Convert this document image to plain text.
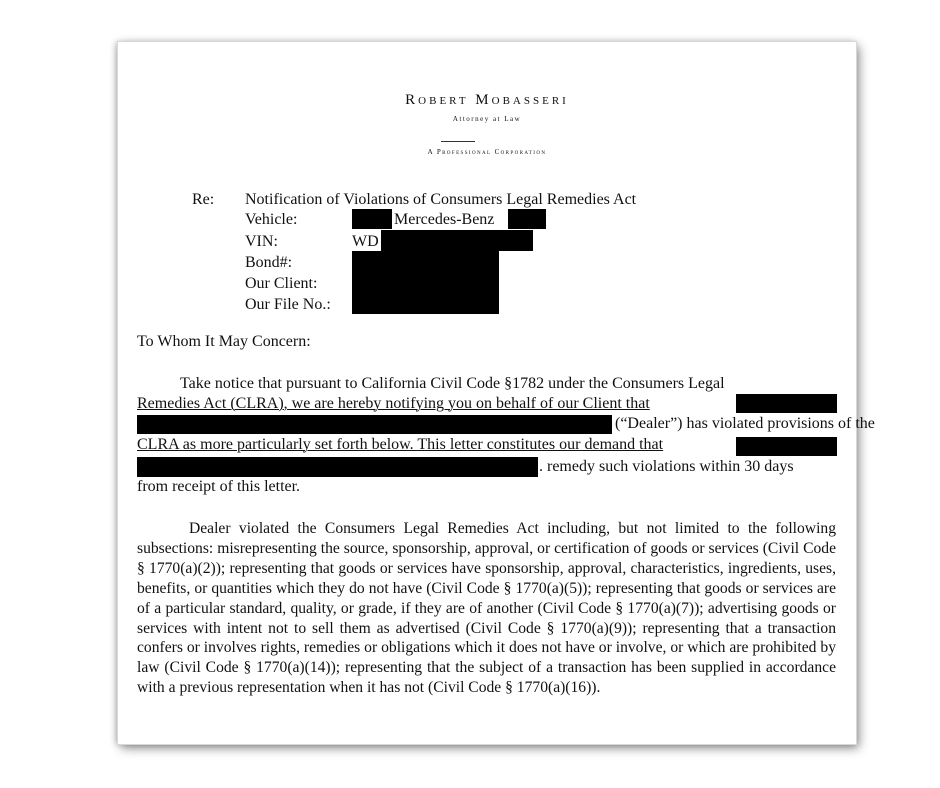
Robert Mobasseri
Attorney at Law
A Professional Corporation
Re: Notification of Violations of Consumers Legal Remedies Act
Vehicle:	Mercedes-Benz
VIN:	WD
Bond#:
Our Client:
Our File No.:
To Whom It May Concern:
Take notice that pursuant to California Civil Code §1782 under the Consumers Legal
Remedies Act (CLRA), we are hereby notifying you on behalf of our Client that
(“Dealer”) has violated provisions of the
CLRA as more particularly set forth below. This letter constitutes our demand that
. remedy such violations within 30 days
from receipt of this letter.
Dealer violated the Consumers Legal Remedies Act including, but not limited to the following subsections: misrepresenting the source, sponsorship, approval, or certification of goods or services (Civil Code § 1770(a)(2)); representing that goods or services have sponsorship, approval, characteristics, ingredients, uses, benefits, or quantities which they do not have (Civil Code § 1770(a)(5)); representing that goods or services are of a particular standard, quality, or grade, if they are of another (Civil Code § 1770(a)(7)); advertising goods or services with intent not to sell them as advertised (Civil Code § 1770(a)(9)); representing that a transaction confers or involves rights, remedies or obligations which it does not have or involve, or which are prohibited by law (Civil Code § 1770(a)(14)); representing that the subject of a transaction has been supplied in accordance with a previous representation when it has not (Civil Code § 1770(a)(16)).
